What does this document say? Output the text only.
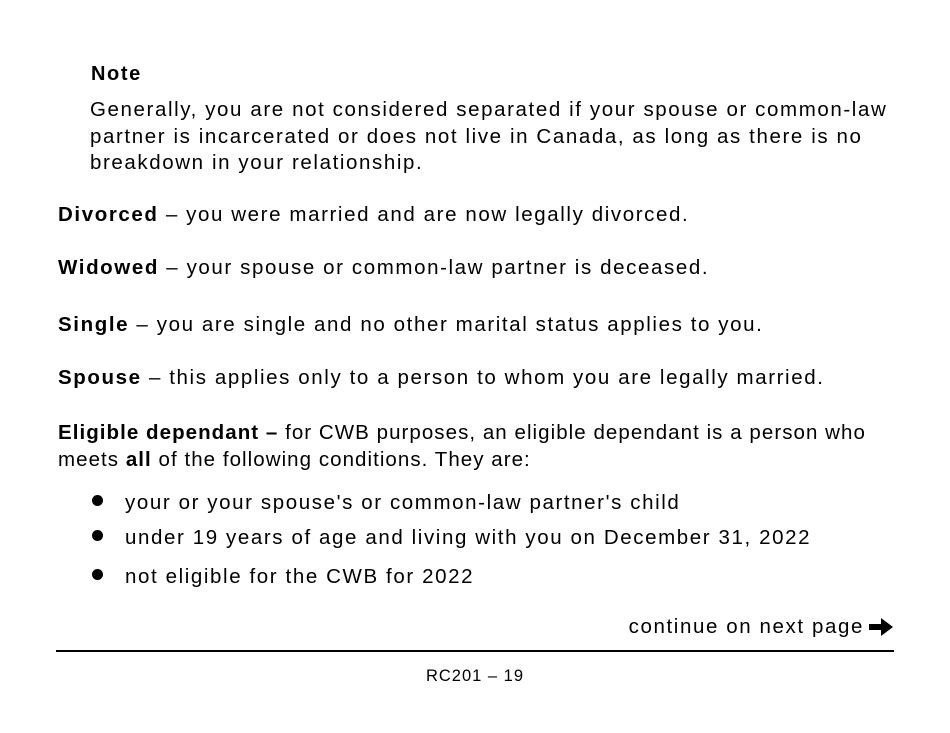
Note
Generally, you are not considered separated if your spouse or common-law partner is incarcerated or does not live in Canada, as long as there is no breakdown in your relationship.
Divorced – you were married and are now legally divorced.
Widowed – your spouse or common-law partner is deceased.
Single – you are single and no other marital status applies to you.
Spouse – this applies only to a person to whom you are legally married.
Eligible dependant – for CWB purposes, an eligible dependant is a person who meets all of the following conditions. They are:
your or your spouse's or common-law partner's child
under 19 years of age and living with you on December 31, 2022
not eligible for the CWB for 2022
continue on next page
RC201 – 19
